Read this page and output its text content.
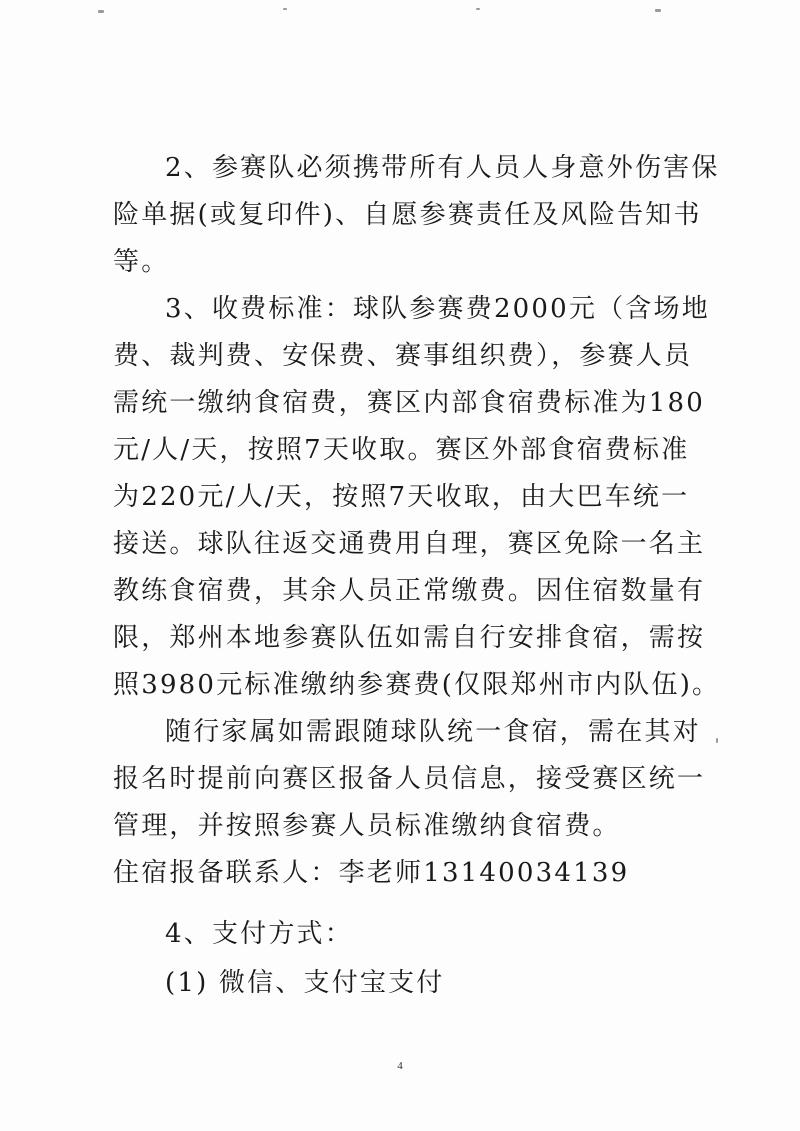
2、参赛队必须携带所有人员人身意外伤害保
险单据(或复印件)、自愿参赛责任及风险告知书
等。
3、收费标准：球队参赛费2000元（含场地
费、裁判费、安保费、赛事组织费），参赛人员
需统一缴纳食宿费，赛区内部食宿费标准为180
元/人/天，按照7天收取。赛区外部食宿费标准
为220元/人/天，按照7天收取，由大巴车统一
接送。球队往返交通费用自理，赛区免除一名主
教练食宿费，其余人员正常缴费。因住宿数量有
限，郑州本地参赛队伍如需自行安排食宿，需按
照3980元标准缴纳参赛费(仅限郑州市内队伍)。
随行家属如需跟随球队统一食宿，需在其对
报名时提前向赛区报备人员信息，接受赛区统一
管理，并按照参赛人员标准缴纳食宿费。
住宿报备联系人：李老师13140034139
4、支付方式：
(1) 微信、支付宝支付
4
